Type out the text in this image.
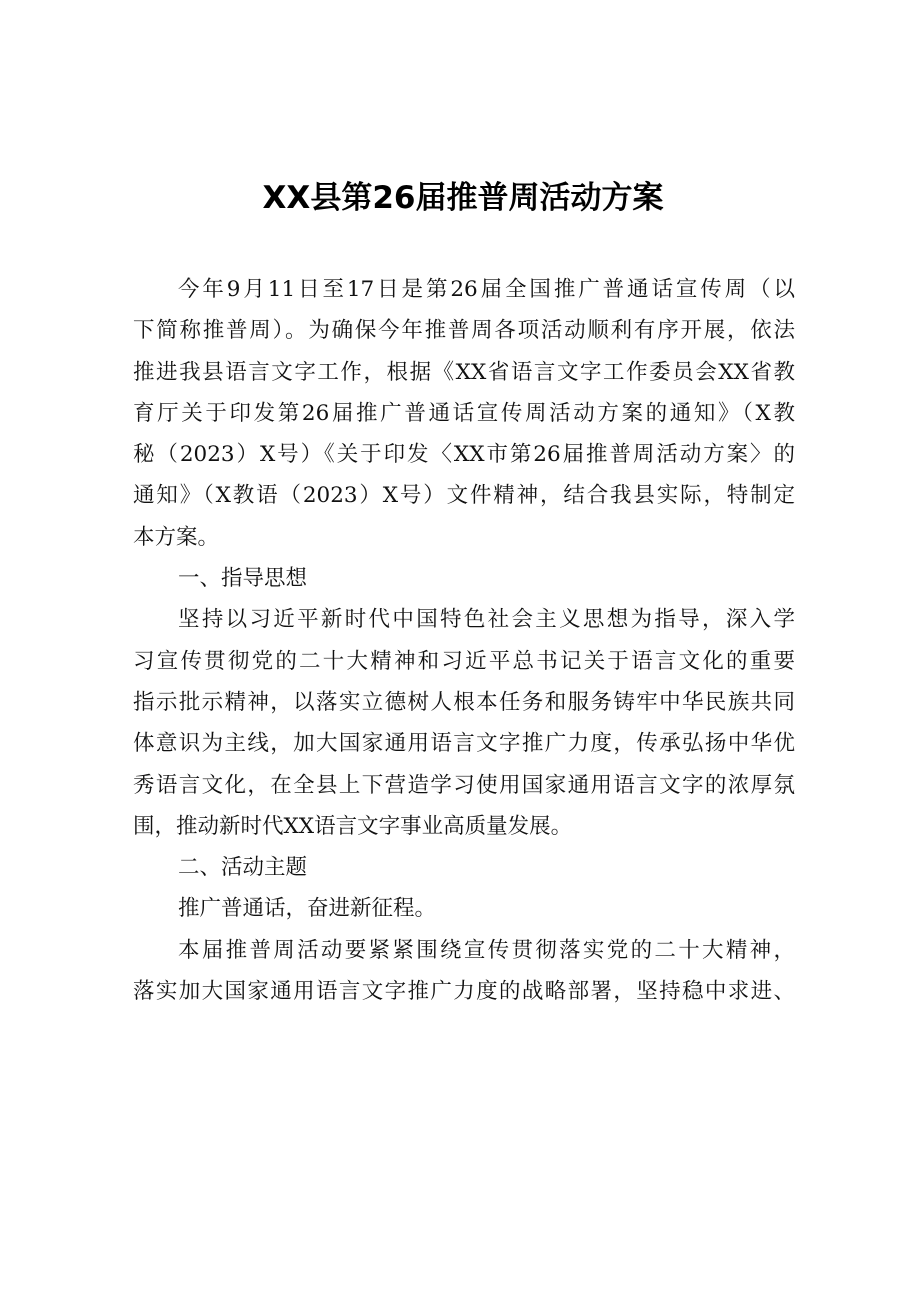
XX县第26届推普周活动方案
今年9月11日至17日是第26届全国推广普通话宣传周（以
下简称推普周）。为确保今年推普周各项活动顺利有序开展，依法
推进我县语言文字工作，根据《XX省语言文字工作委员会XX省教
育厅关于印发第26届推广普通话宣传周活动方案的通知》（X教
秘（2023）X号）《关于印发〈XX市第26届推普周活动方案〉的
通知》（X教语（2023）X号）文件精神，结合我县实际，特制定
本方案。
一、指导思想
坚持以习近平新时代中国特色社会主义思想为指导，深入学
习宣传贯彻党的二十大精神和习近平总书记关于语言文化的重要
指示批示精神，以落实立德树人根本任务和服务铸牢中华民族共同
体意识为主线，加大国家通用语言文字推广力度，传承弘扬中华优
秀语言文化，在全县上下营造学习使用国家通用语言文字的浓厚氛
围，推动新时代XX语言文字事业高质量发展。
二、活动主题
推广普通话，奋进新征程。
本届推普周活动要紧紧围绕宣传贯彻落实党的二十大精神，
落实加大国家通用语言文字推广力度的战略部署，坚持稳中求进、
